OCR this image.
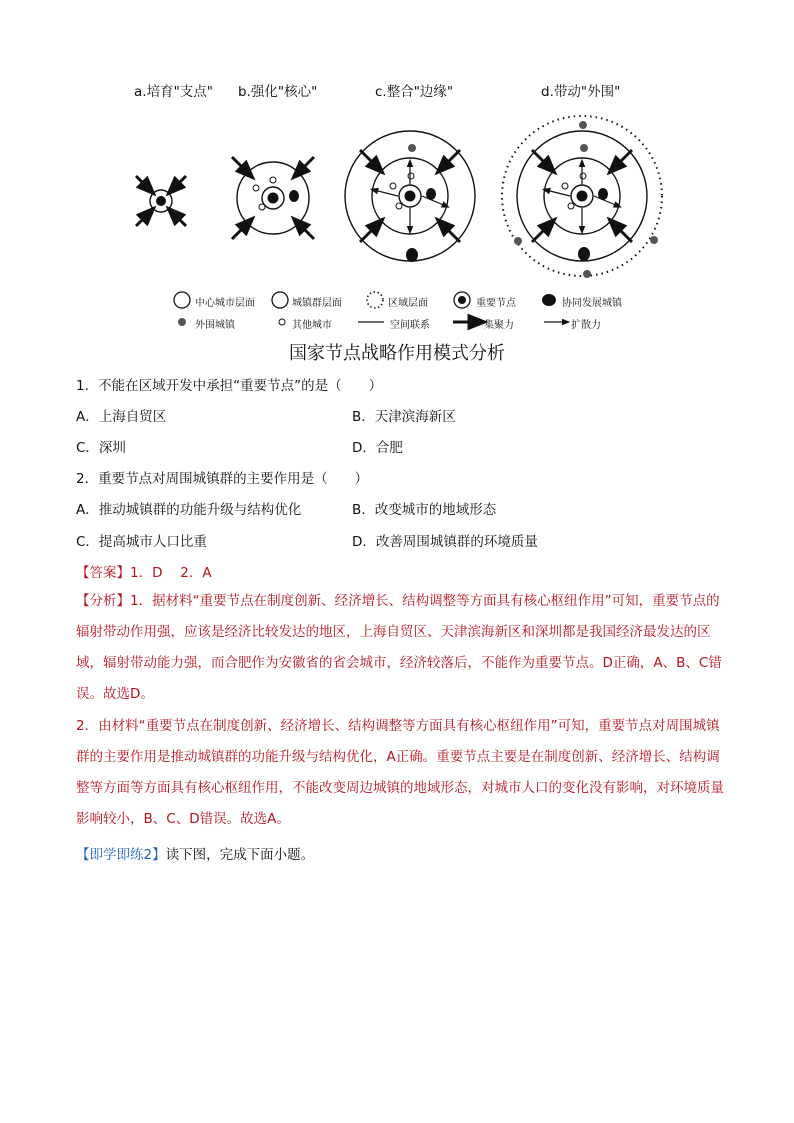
a.培育"支点" b.强化"核心"	c.整合"边缘"	d.带动"外围"
中心城市层面	城镇群层面	区域层面	重要节点	协同发展城镇
外围城镇	其他城市	空间联系	集聚力	扩散力
国家节点战略作用模式分析
1．不能在区域开发中承担“重要节点”的是（　　）
A．上海自贸区	B．天津滨海新区
C．深圳	D．合肥
2．重要节点对周围城镇群的主要作用是（　　）
A．推动城镇群的功能升级与结构优化	B．改变城市的地域形态
C．提高城市人口比重	D．改善周围城镇群的环境质量
【答案】1．D　 2．A
【分析】1．据材料“重要节点在制度创新、经济增长、结构调整等方面具有核心枢纽作用”可知，重要节点的辐射带动作用强，应该是经济比较发达的地区，上海自贸区、天津滨海新区和深圳都是我国经济最发达的区域，辐射带动能力强，而合肥作为安徽省的省会城市，经济较落后，不能作为重要节点。D正确，A、B、C错误。故选D。
2．由材料“重要节点在制度创新、经济增长、结构调整等方面具有核心枢纽作用”可知，重要节点对周围城镇群的主要作用是推动城镇群的功能升级与结构优化，A正确。重要节点主要是在制度创新、经济增长、结构调整等方面等方面具有核心枢纽作用，不能改变周边城镇的地域形态，对城市人口的变化没有影响，对环境质量影响较小，B、C、D错误。故选A。
【即学即练2】读下图，完成下面小题。
